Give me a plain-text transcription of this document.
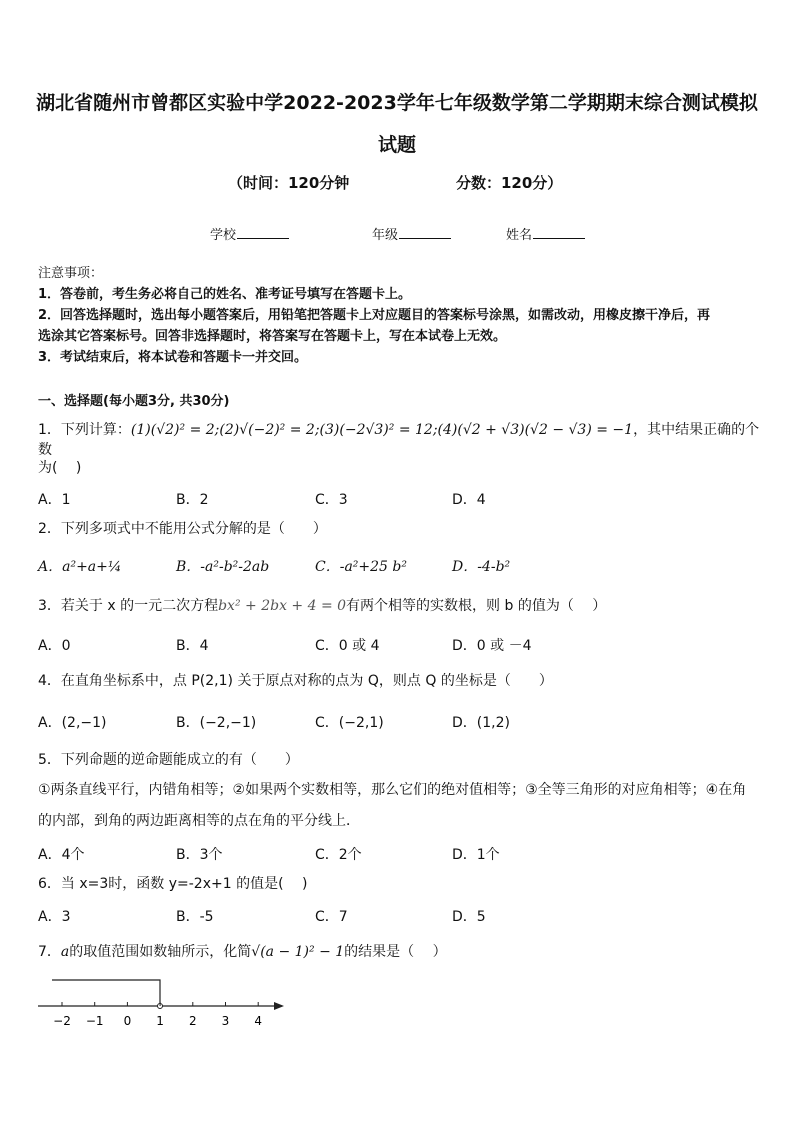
湖北省随州市曾都区实验中学2022-2023学年七年级数学第二学期期末综合测试模拟
试题
（时间：120分钟	分数：120分）
学校	年级	姓名
注意事项：
1．答卷前，考生务必将自己的姓名、准考证号填写在答题卡上。
2．回答选择题时，选出每小题答案后，用铅笔把答题卡上对应题目的答案标号涂黑，如需改动，用橡皮擦干净后，再
选涂其它答案标号。回答非选择题时，将答案写在答题卡上，写在本试卷上无效。
3．考试结束后，将本试卷和答题卡一并交回。
一、选择题(每小题3分, 共30分)
1．下列计算：(1)(√2)² = 2;(2)√(−2)² = 2;(3)(−2√3)² = 12;(4)(√2 + √3)(√2 − √3) = −1，其中结果正确的个数
为(　 )
A．1	B．2	C．3	D．4
2．下列多项式中不能用公式分解的是（　　）
A．a²+a+¼	B．-a²-b²-2ab	C．-a²+25 b²	D．-4-b²
3．若关于 x 的一元二次方程bx² + 2bx + 4 = 0有两个相等的实数根，则 b 的值为（　 ）
A．0	B．4	C．0 或 4	D．0 或 －4
4．在直角坐标系中，点 P(2,1) 关于原点对称的点为 Q，则点 Q 的坐标是（　　）
A．(2,−1)	B．(−2,−1)	C．(−2,1)	D．(1,2)
5．下列命题的逆命题能成立的有（　　）
①两条直线平行，内错角相等；②如果两个实数相等，那么它们的绝对值相等；③全等三角形的对应角相等；④在角
的内部，到角的两边距离相等的点在角的平分线上．
A．4个	B．3个	C．2个	D．1个
6．当 x=3时，函数 y=-2x+1 的值是(　 )
A．3	B．-5	C．7	D．5
7．a的取值范围如数轴所示，化简√(a − 1)² − 1的结果是（　 ）
−2 −1 0 1 2 3 4
